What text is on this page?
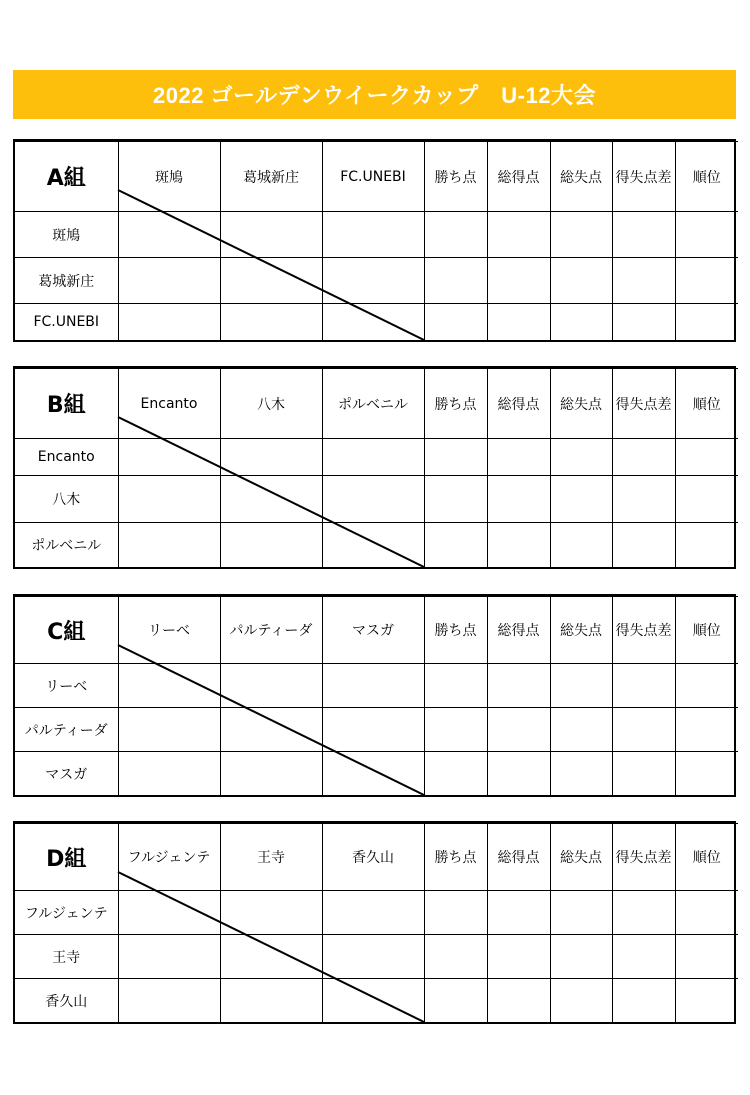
2022 ゴールデンウイークカップ　U-12大会
A組	斑鳩	葛城新庄	FC.UNEBI	勝ち点	総得点	総失点	得失点差	順位
斑鳩								
葛城新庄								
FC.UNEBI								
B組	Encanto	八木	ポルベニル	勝ち点	総得点	総失点	得失点差	順位
Encanto								
八木								
ポルベニル								
C組	リーベ	パルティーダ	マスガ	勝ち点	総得点	総失点	得失点差	順位
リーベ								
パルティーダ								
マスガ								
D組	フルジェンテ	王寺	香久山	勝ち点	総得点	総失点	得失点差	順位
フルジェンテ								
王寺								
香久山								
